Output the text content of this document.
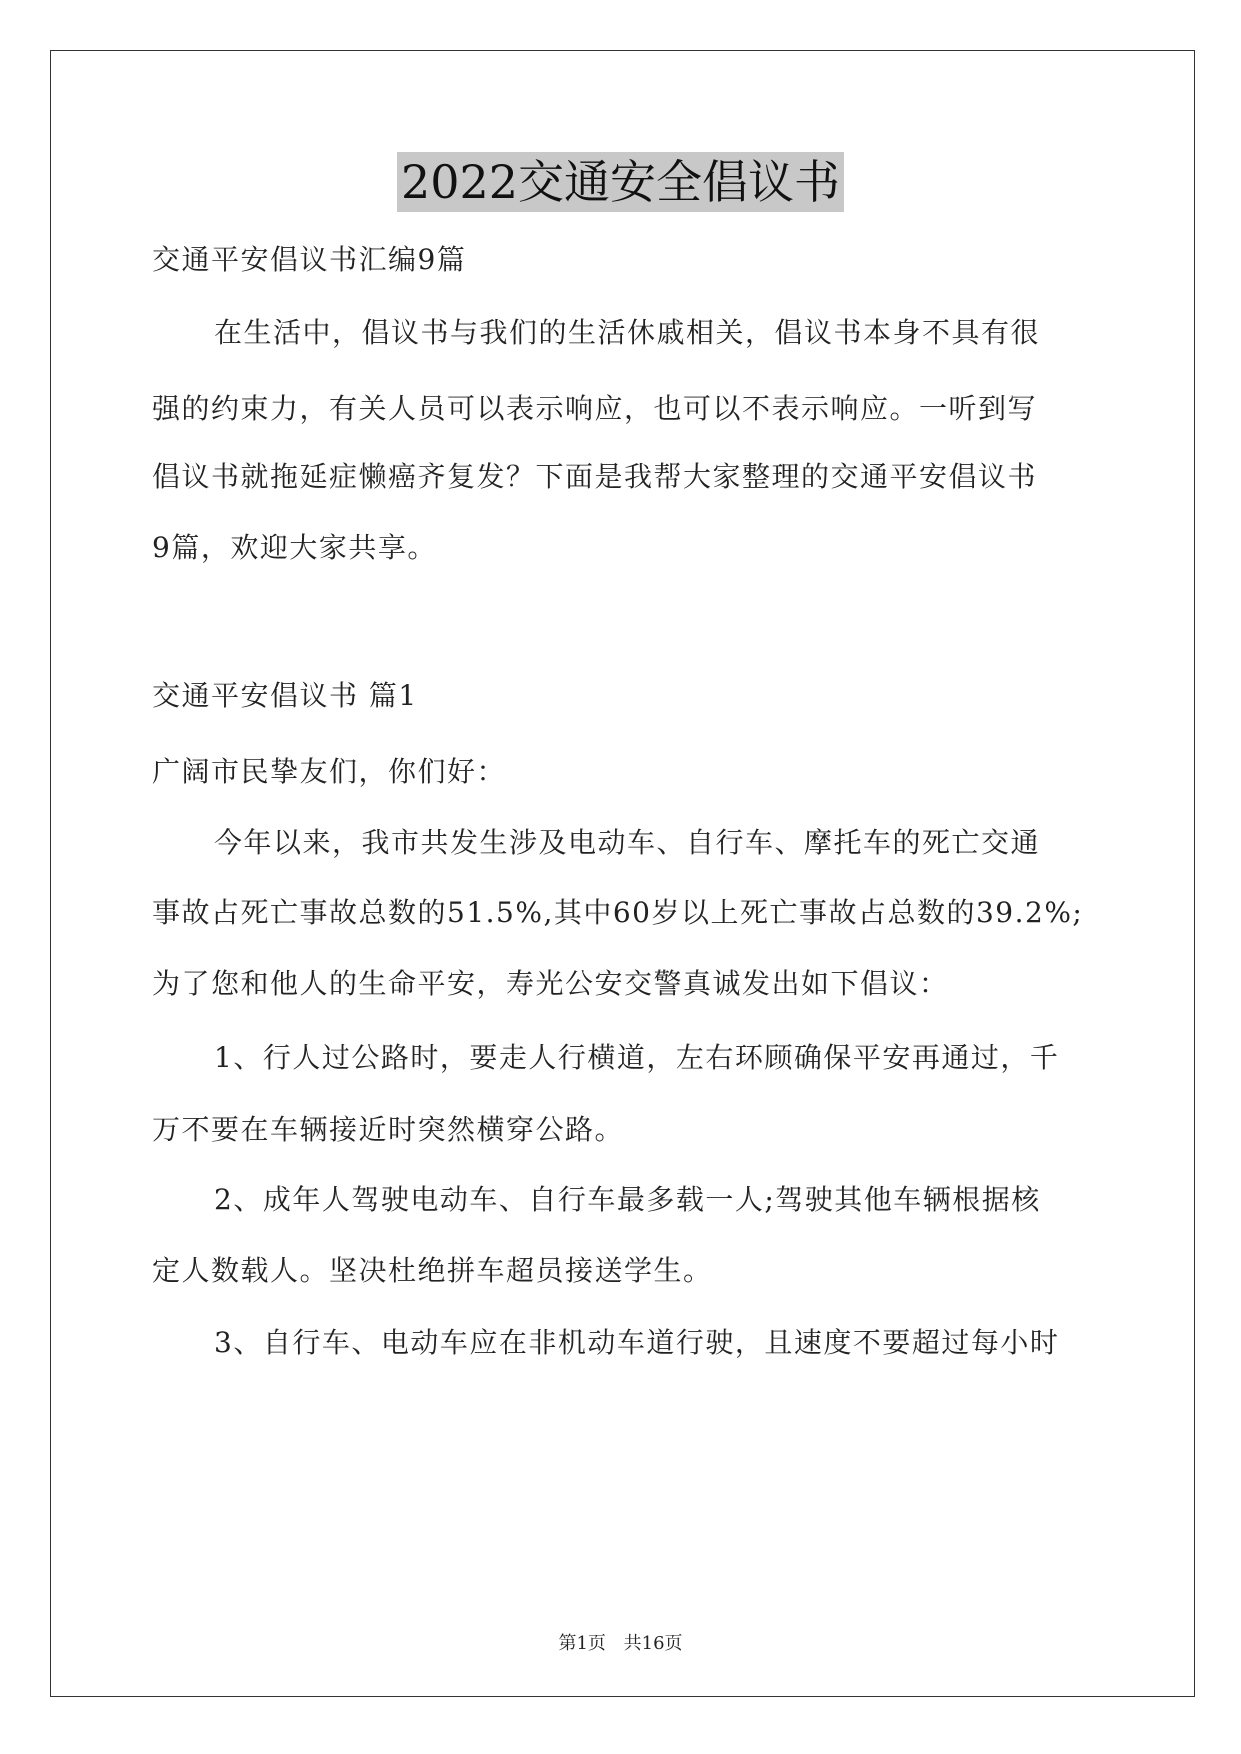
2022交通安全倡议书
交通平安倡议书汇编9篇
在生活中，倡议书与我们的生活休戚相关，倡议书本身不具有很
强的约束力，有关人员可以表示响应，也可以不表示响应。一听到写
倡议书就拖延症懒癌齐复发？下面是我帮大家整理的交通平安倡议书
9篇，欢迎大家共享。
交通平安倡议书 篇1
广阔市民挚友们，你们好：
今年以来，我市共发生涉及电动车、自行车、摩托车的死亡交通
事故占死亡事故总数的51.5%,其中60岁以上死亡事故占总数的39.2%;
为了您和他人的生命平安，寿光公安交警真诚发出如下倡议：
1、行人过公路时，要走人行横道，左右环顾确保平安再通过，千
万不要在车辆接近时突然横穿公路。
2、成年人驾驶电动车、自行车最多载一人;驾驶其他车辆根据核
定人数载人。坚决杜绝拼车超员接送学生。
3、自行车、电动车应在非机动车道行驶，且速度不要超过每小时
第1页 共16页
